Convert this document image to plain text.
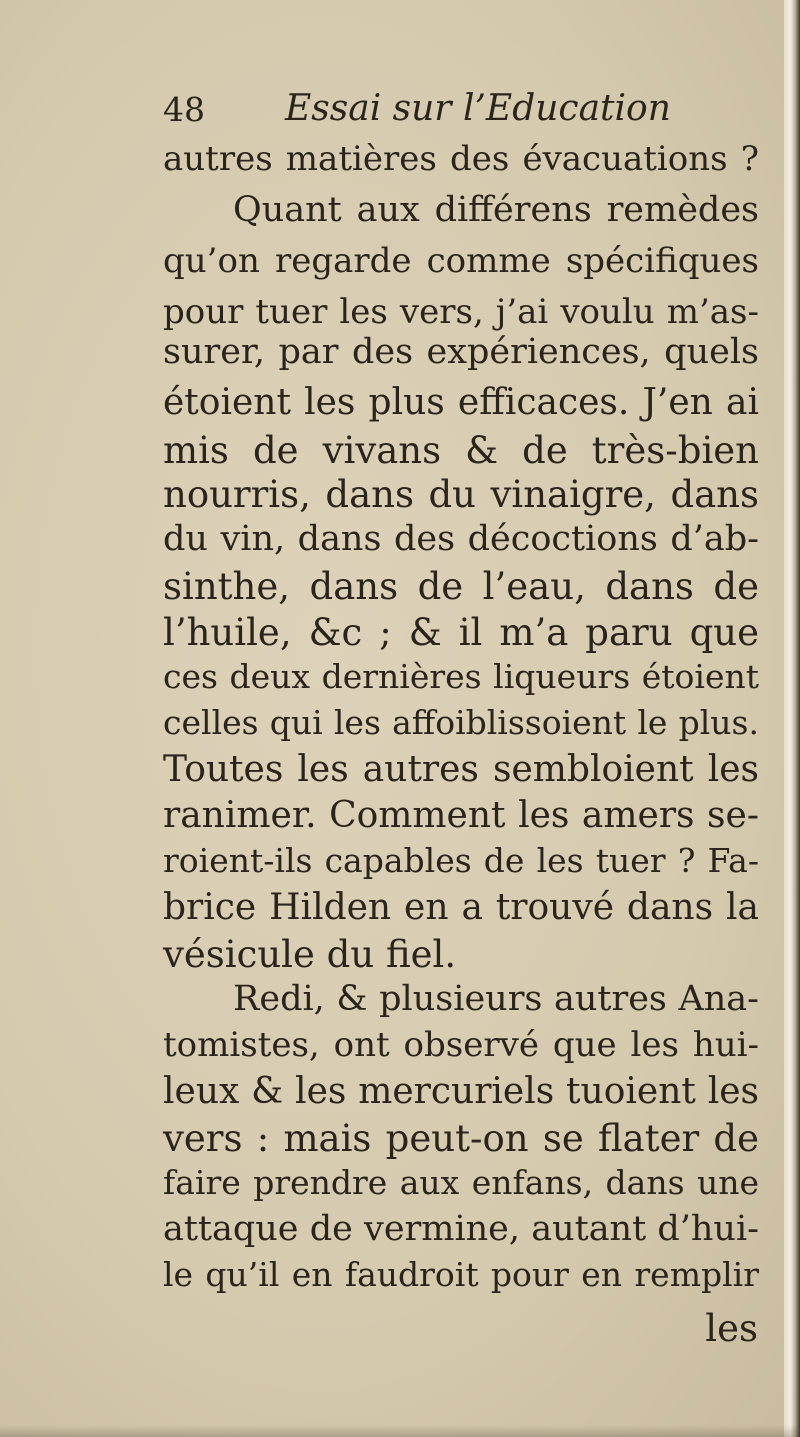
48 Essai sur l’Education
autres matières des évacuations ?
Quant aux différens remèdes
qu’on regarde comme spécifiques
pour tuer les vers, j’ai voulu m’as-
surer, par des expériences, quels
étoient les plus efficaces. J’en ai
mis de vivans & de très-bien
nourris, dans du vinaigre, dans
du vin, dans des décoctions d’ab-
sinthe, dans de l’eau, dans de
l’huile, &c ; & il m’a paru que
ces deux dernières liqueurs étoient
celles qui les affoiblissoient le plus.
Toutes les autres sembloient les
ranimer. Comment les amers se-
roient-ils capables de les tuer ? Fa-
brice Hilden en a trouvé dans la
vésicule du fiel.
Redi, & plusieurs autres Ana-
tomistes, ont observé que les hui-
leux & les mercuriels tuoient les
vers : mais peut-on se flater de
faire prendre aux enfans, dans une
attaque de vermine, autant d’hui-
le qu’il en faudroit pour en remplir
les
